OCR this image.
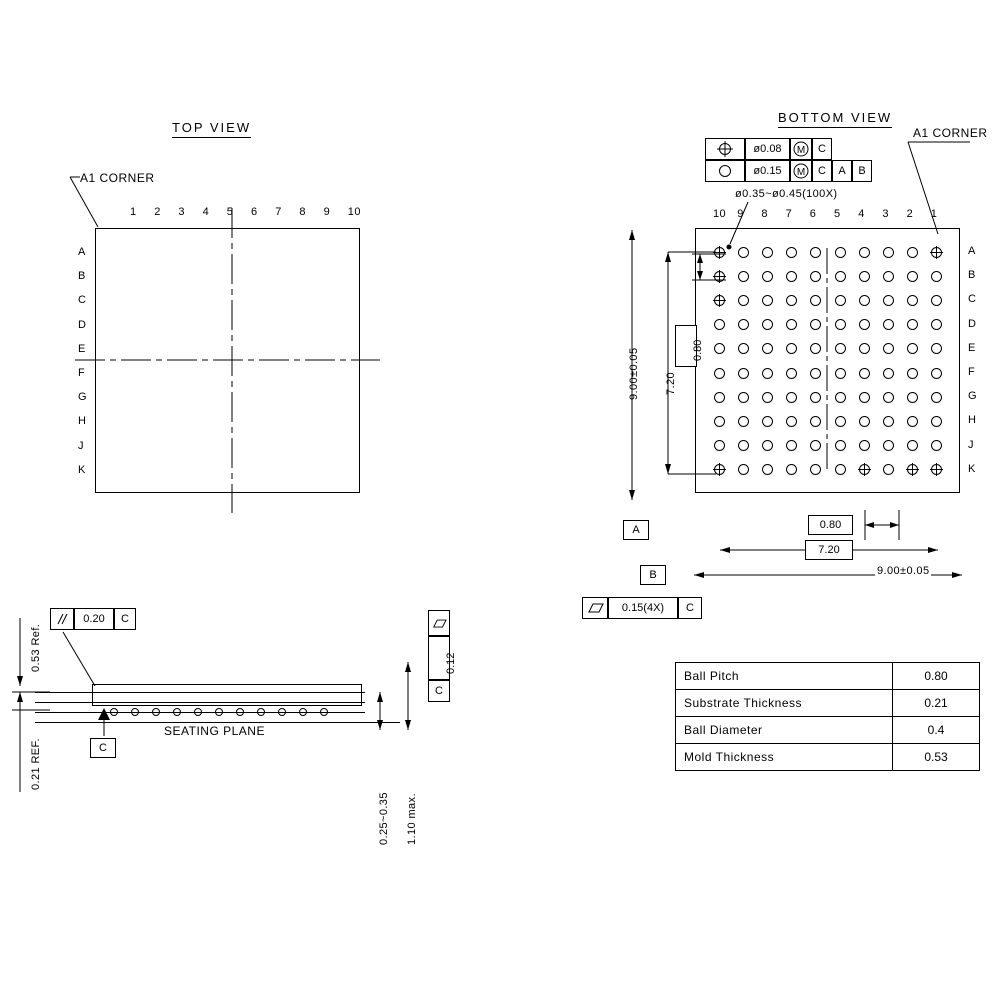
TOP VIEW
A1 CORNER
1 2 3 4 5 6 7 8 9 10
A
B
C
D
E
F
G
H
J
K
BOTTOM VIEW
ø0.08	M	C
ø0.15	M	C	A	B
ø0.35~ø0.45(100X)
A1 CORNER
10 9 8 7 6 5 4 3 2 1
A
B
C
D
E
F
G
H
J
K
9.00±0.05 7.20
0.80
0.80
7.20
9.00±0.05
A
B
0.15(4X)	C
0.20	C
0.12
C
0.53 Ref.
0.21 REF.
SEATING PLANE
C
0.25~0.35 1.10 max.
Ball Pitch	0.80
Substrate Thickness	0.21
Ball Diameter	0.4
Mold Thickness	0.53
